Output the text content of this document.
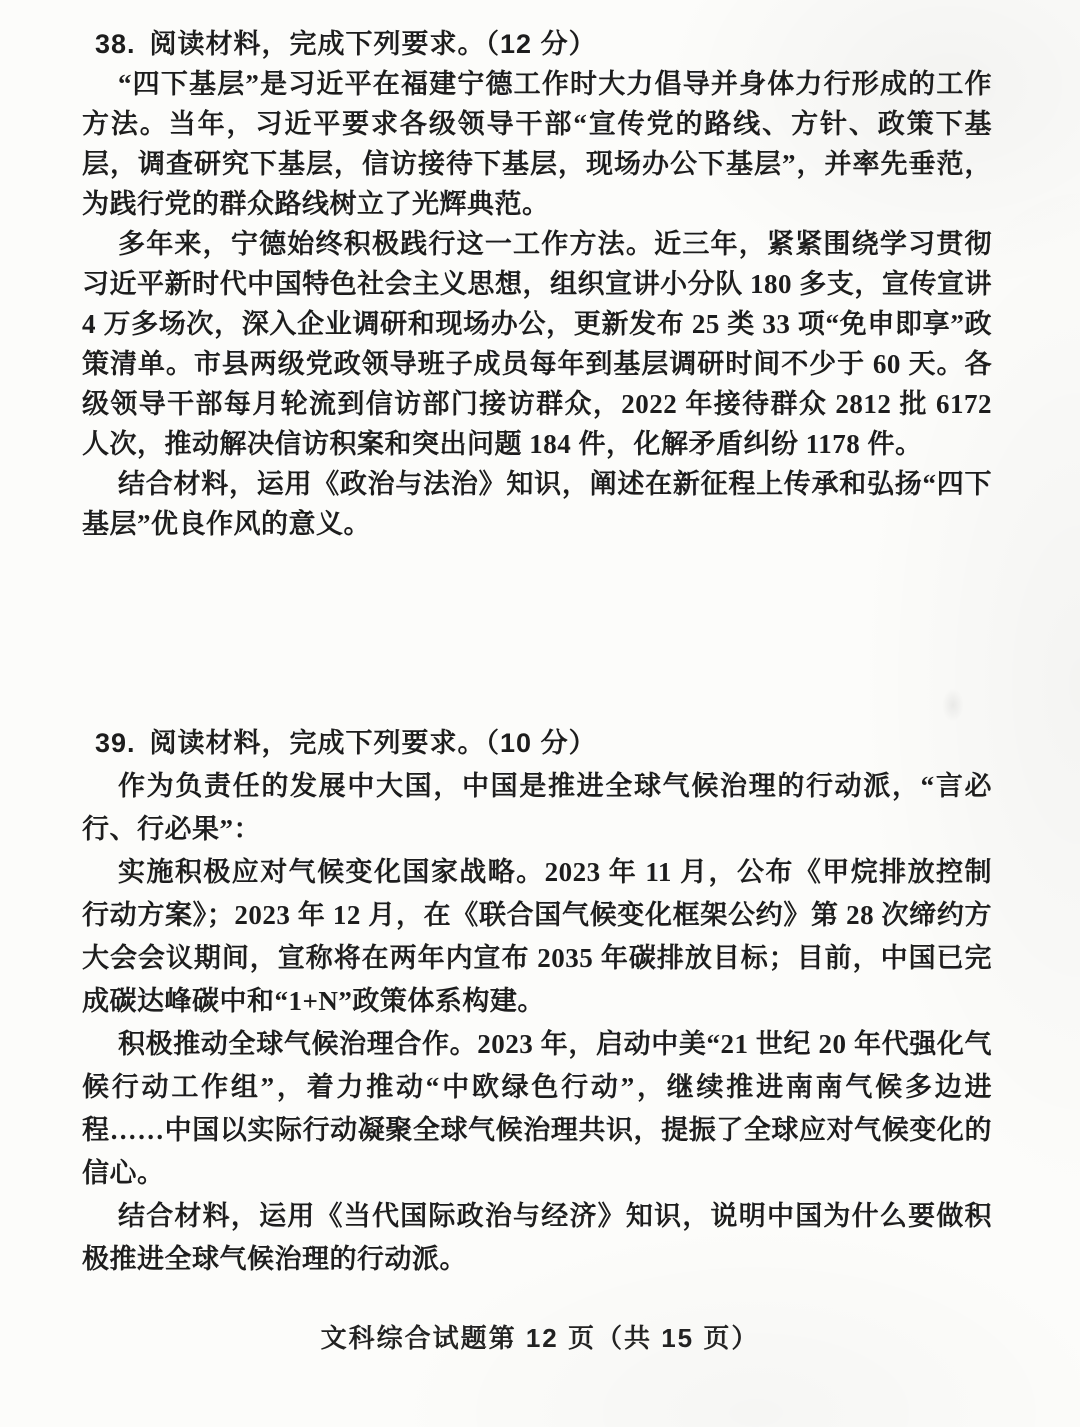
38. 阅读材料，完成下列要求。（12 分）

“四下基层”是习近平在福建宁德工作时大力倡导并身体力行形成的工作方法。当年，习近平要求各级领导干部“宣传党的路线、方针、政策下基层，调查研究下基层，信访接待下基层，现场办公下基层”，并率先垂范，为践行党的群众路线树立了光辉典范。

多年来，宁德始终积极践行这一工作方法。近三年，紧紧围绕学习贯彻习近平新时代中国特色社会主义思想，组织宣讲小分队 180 多支，宣传宣讲 4 万多场次，深入企业调研和现场办公，更新发布 25 类 33 项“免申即享”政策清单。市县两级党政领导班子成员每年到基层调研时间不少于 60 天。各级领导干部每月轮流到信访部门接访群众，2022 年接待群众 2812 批 6172 人次，推动解决信访积案和突出问题 184 件，化解矛盾纠纷 1178 件。

结合材料，运用《政治与法治》知识，阐述在新征程上传承和弘扬“四下基层”优良作风的意义。

39. 阅读材料，完成下列要求。（10 分）

作为负责任的发展中大国，中国是推进全球气候治理的行动派，“言必行、行必果”：

实施积极应对气候变化国家战略。2023 年 11 月，公布《甲烷排放控制行动方案》；2023 年 12 月，在《联合国气候变化框架公约》第 28 次缔约方大会会议期间，宣称将在两年内宣布 2035 年碳排放目标；目前，中国已完成碳达峰碳中和“1+N”政策体系构建。

积极推动全球气候治理合作。2023 年，启动中美“21 世纪 20 年代强化气候行动工作组”，着力推动“中欧绿色行动”，继续推进南南气候多边进程……中国以实际行动凝聚全球气候治理共识，提振了全球应对气候变化的信心。

结合材料，运用《当代国际政治与经济》知识，说明中国为什么要做积极推进全球气候治理的行动派。

文科综合试题第 12 页（共 15 页）
